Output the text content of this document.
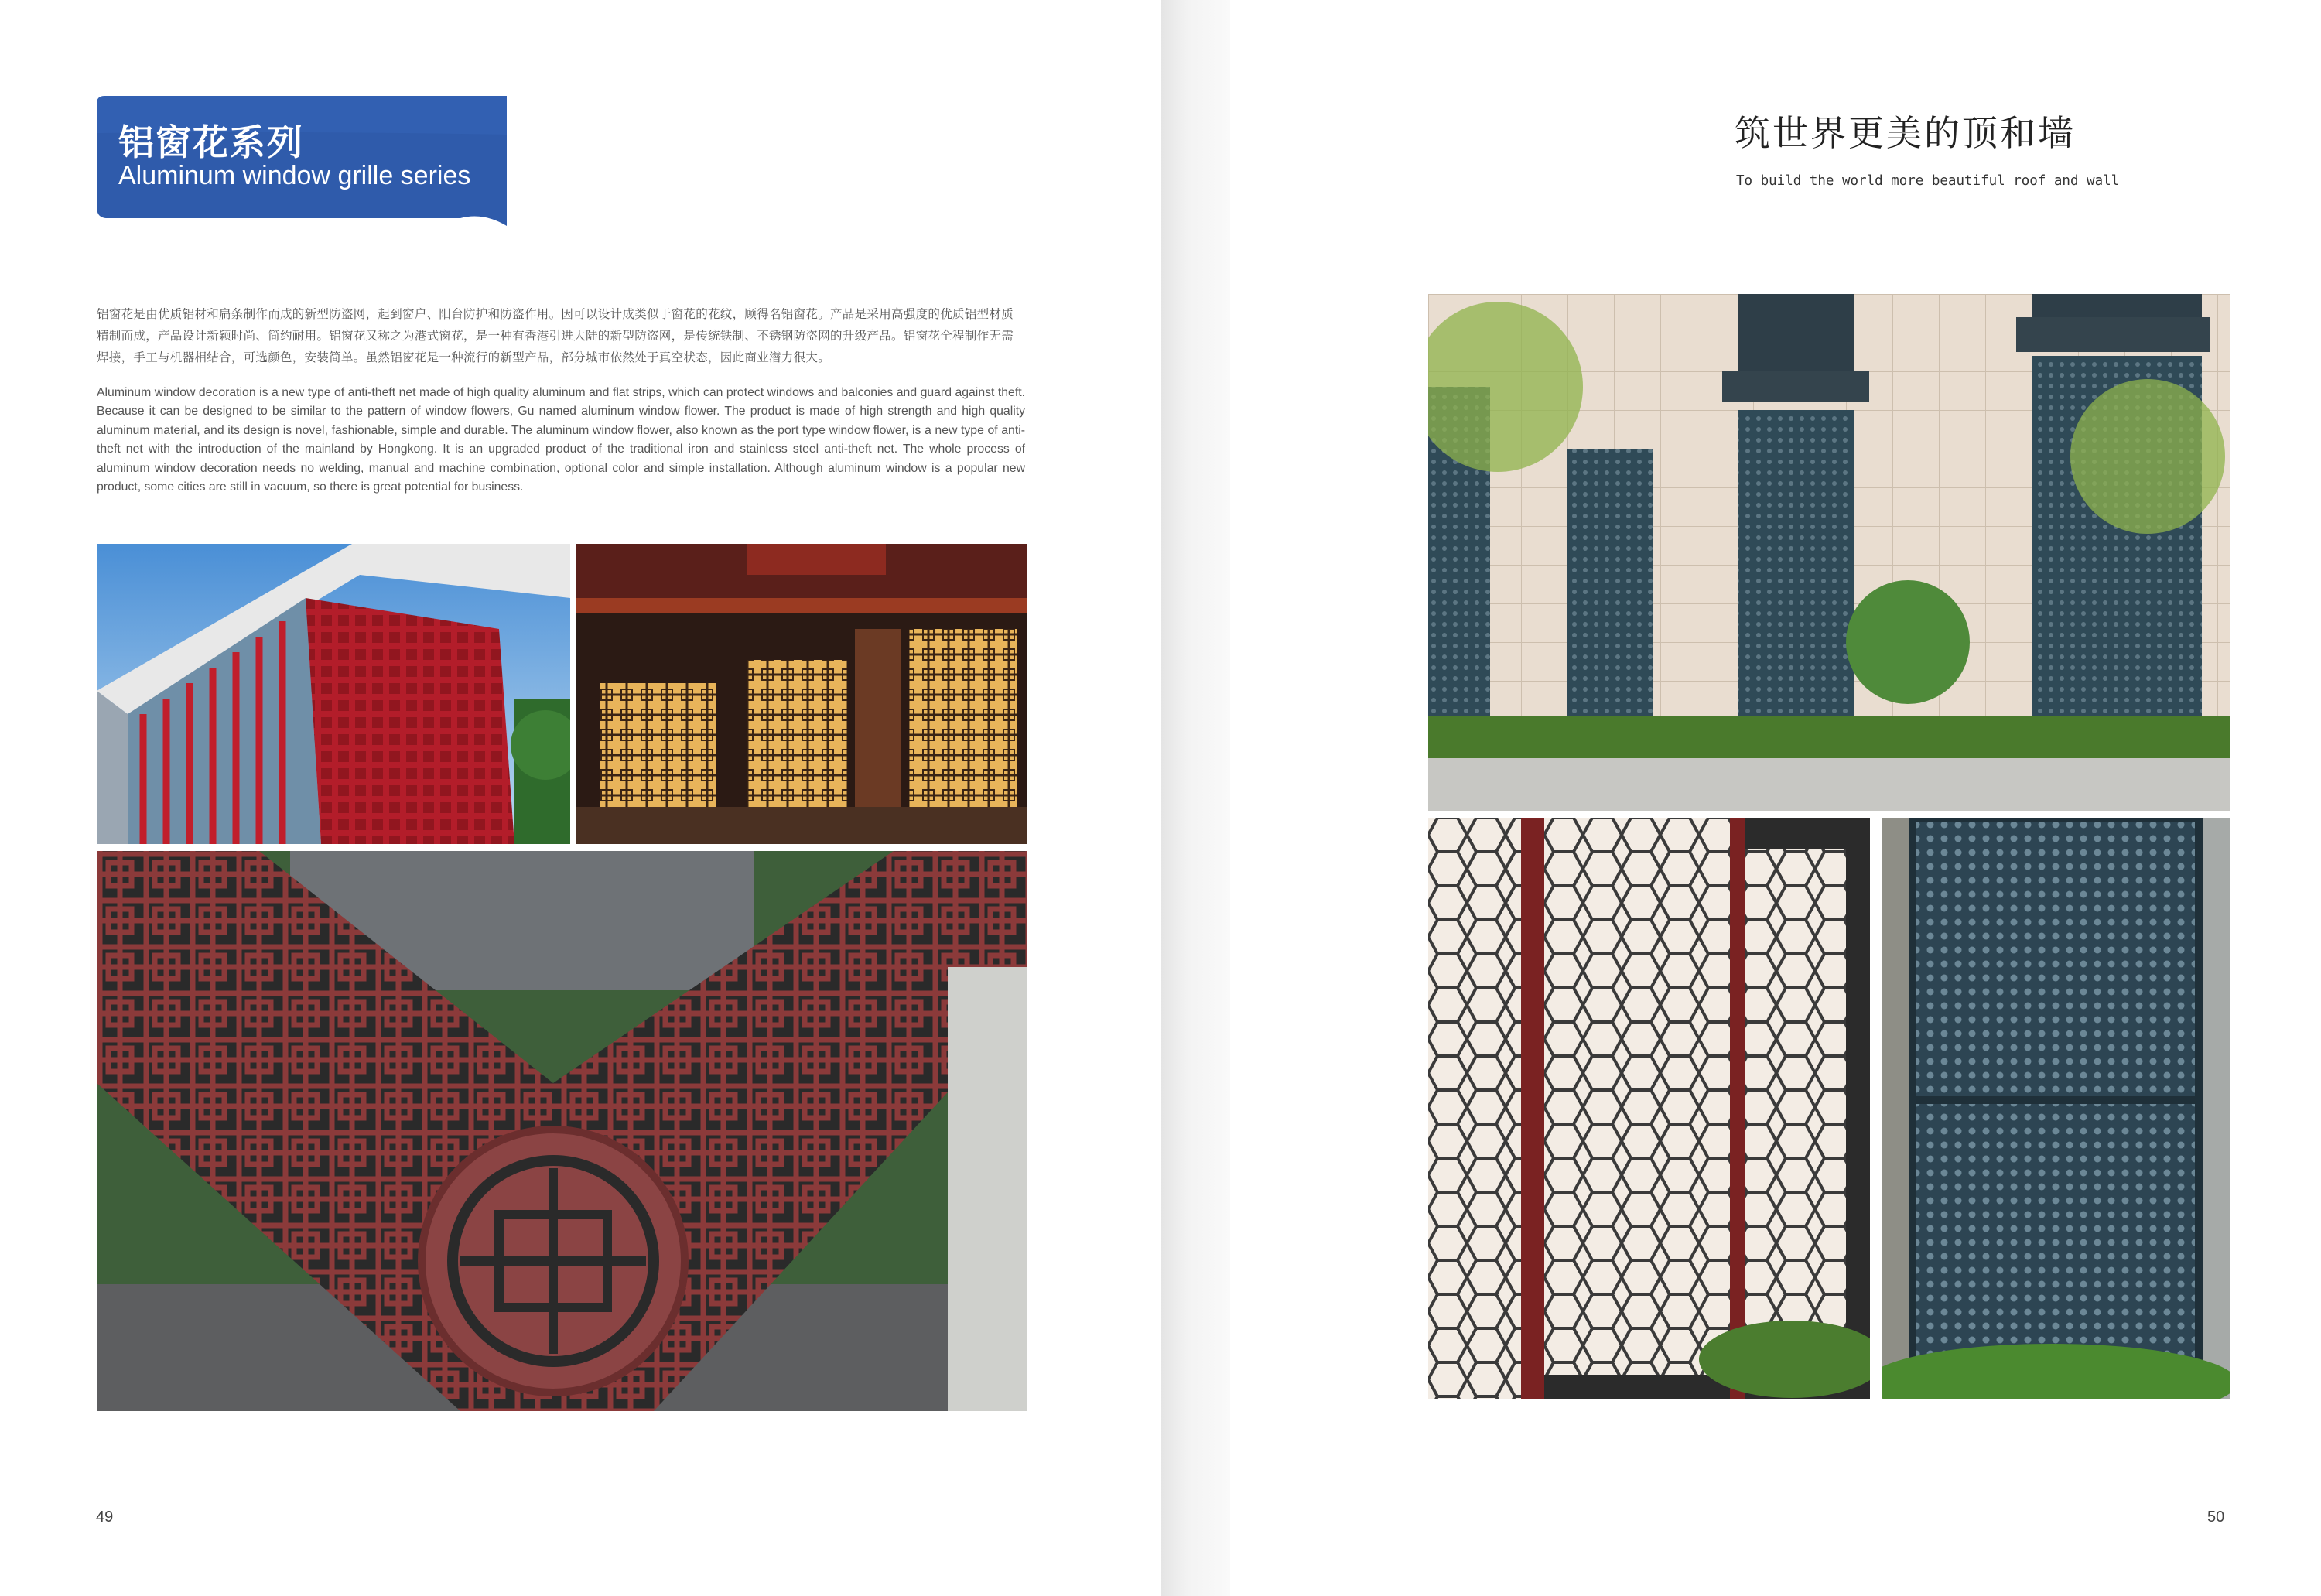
铝窗花系列
Aluminum window grille series
铝窗花是由优质铝材和扁条制作而成的新型防盗网，起到窗户、阳台防护和防盗作用。因可以设计成类似于窗花的花纹，顾得名铝窗花。产品是采用高强度的优质铝型材质精制而成，产品设计新颖时尚、简约耐用。铝窗花又称之为港式窗花，是一种有香港引进大陆的新型防盗网，是传统铁制、不锈钢防盗网的升级产品。铝窗花全程制作无需焊接，手工与机器相结合，可选颜色，安装简单。虽然铝窗花是一种流行的新型产品，部分城市依然处于真空状态，因此商业潜力很大。
Aluminum window decoration is a new type of anti-theft net made of high quality aluminum and flat strips, which can protect windows and balconies and guard against theft. Because it can be designed to be similar to the pattern of window flowers, Gu named aluminum window flower. The product is made of high strength and high quality aluminum material, and its design is novel, fashionable, simple and durable. The aluminum window flower, also known as the port type window flower, is a new type of anti-theft net with the introduction of the mainland by Hongkong. It is an upgraded product of the traditional iron and stainless steel anti-theft net. The whole process of aluminum window decoration needs no welding, manual and machine combination, optional color and simple installation. Although aluminum window is a popular new product, some cities are still in vacuum, so there is great potential for business.
49
筑世界更美的顶和墙
To build the world more beautiful roof and wall
50
